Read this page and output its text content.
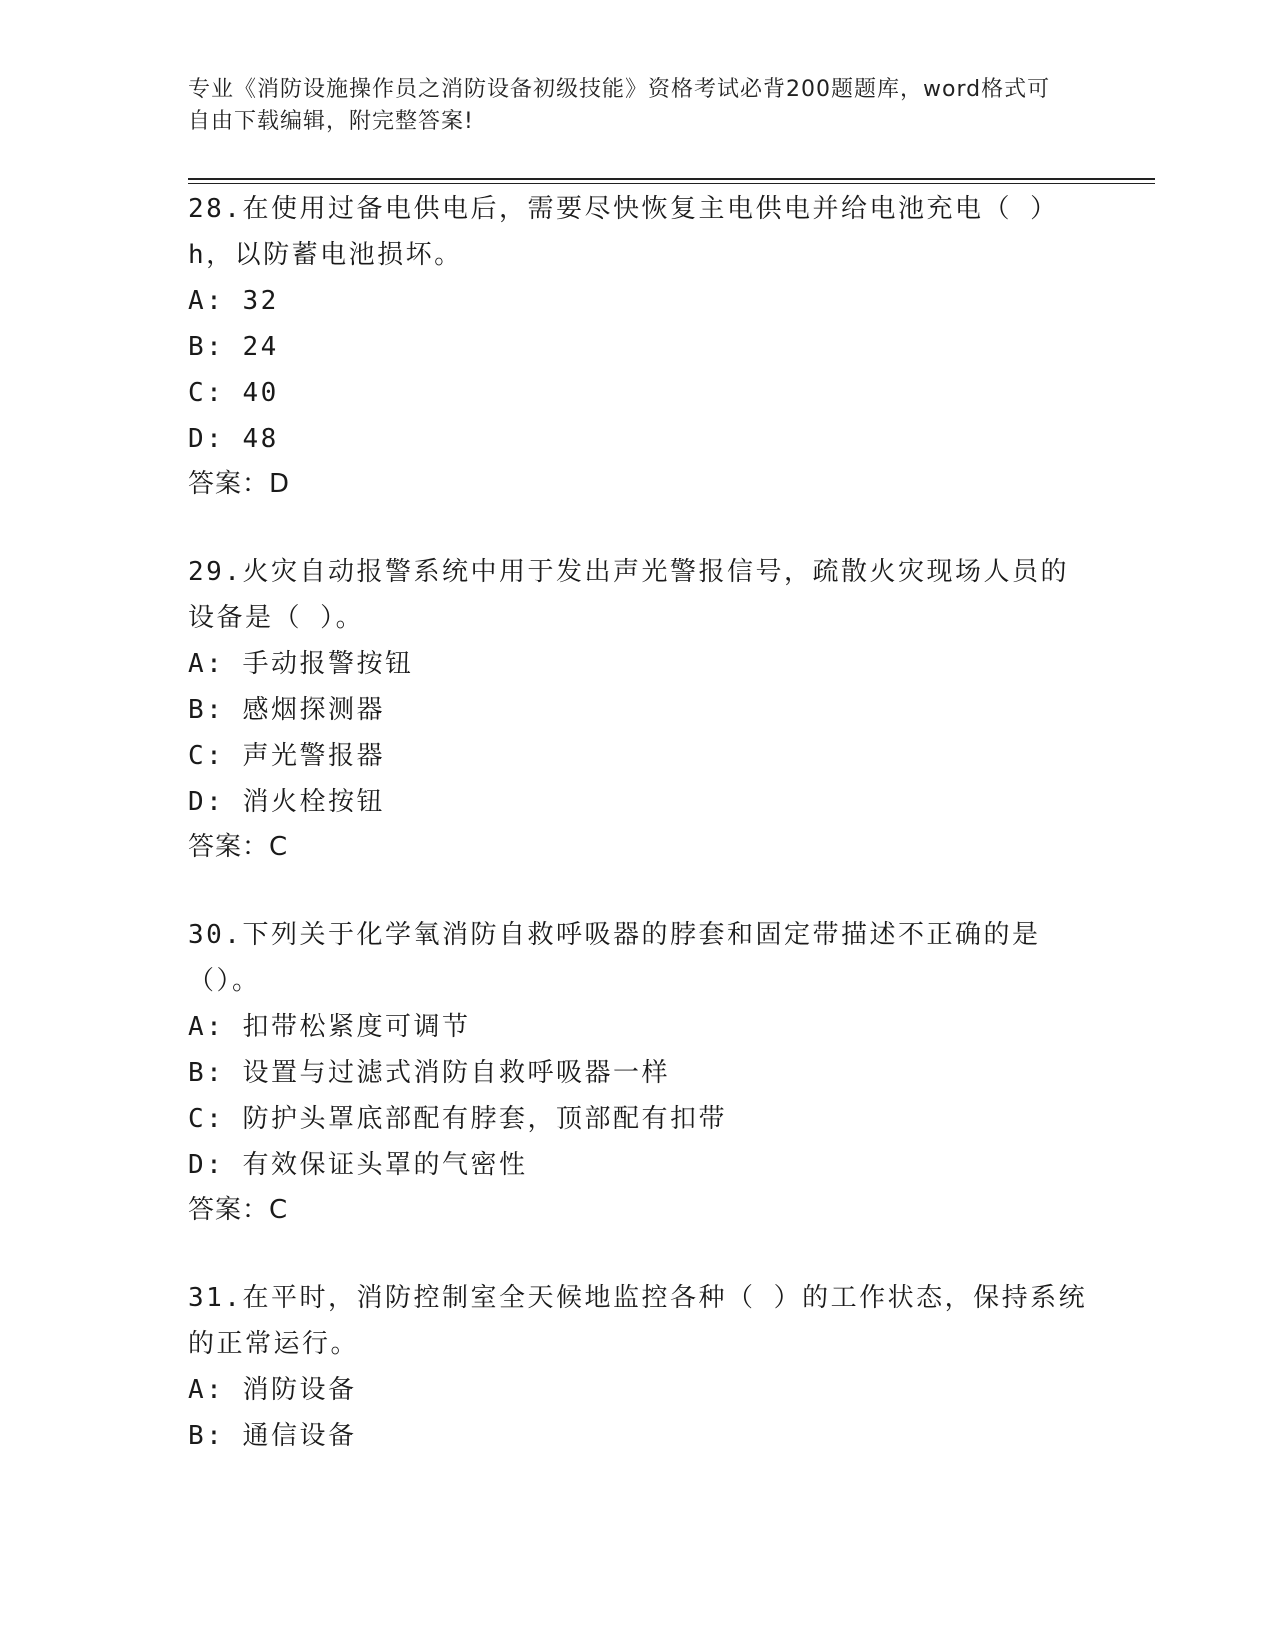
专业《消防设施操作员之消防设备初级技能》资格考试必背200题题库，word格式可自由下载编辑，附完整答案!
28.在使用过备电供电后，需要尽快恢复主电供电并给电池充电（ ）h，以防蓄电池损坏。
A: 32
B: 24
C: 40
D: 48
答案：D
29.火灾自动报警系统中用于发出声光警报信号，疏散火灾现场人员的设备是（ ）。
A: 手动报警按钮
B: 感烟探测器
C: 声光警报器
D: 消火栓按钮
答案：C
30.下列关于化学氧消防自救呼吸器的脖套和固定带描述不正确的是（）。
A: 扣带松紧度可调节
B: 设置与过滤式消防自救呼吸器一样
C: 防护头罩底部配有脖套，顶部配有扣带
D: 有效保证头罩的气密性
答案：C
31.在平时，消防控制室全天候地监控各种（ ）的工作状态，保持系统的正常运行。
A: 消防设备
B: 通信设备
